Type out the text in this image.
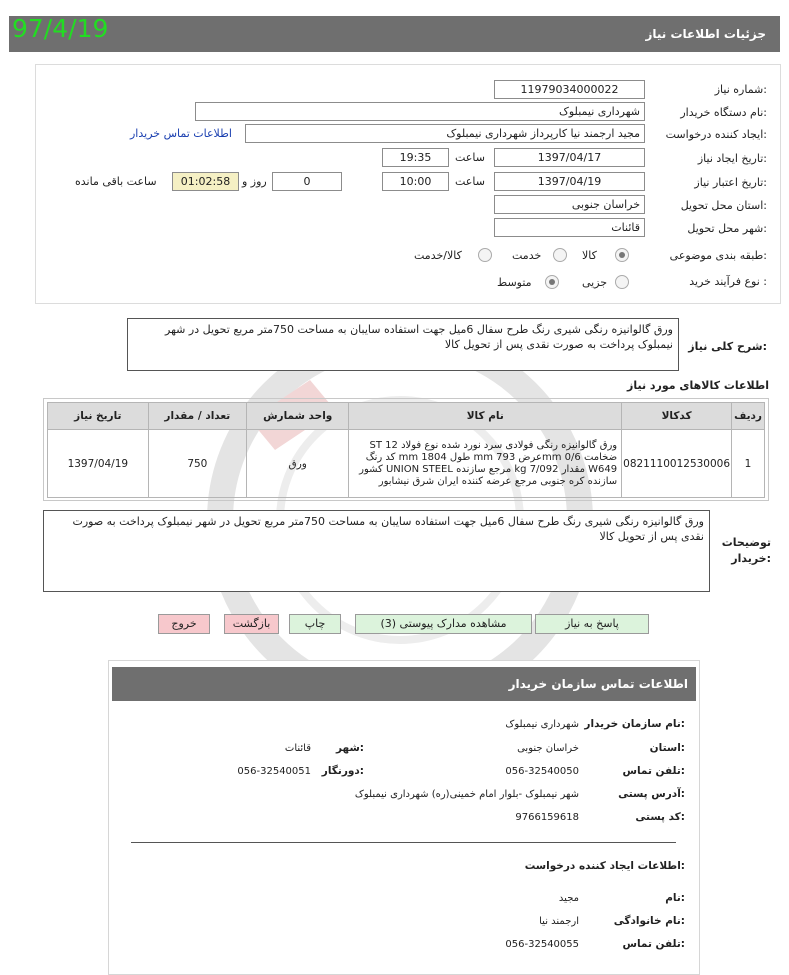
جزئیات اطلاعات نیاز
97/4/19
شماره نیاز:
11979034000022
نام دستگاه خریدار:
شهرداری نیمبلوک
ایجاد کننده درخواست:
مجید ارجمند نیا کارپرداز شهرداری نیمبلوک
اطلاعات تماس خریدار
تاریخ ایجاد نیاز:
1397/04/17
ساعت
19:35
تاریخ اعتبار نیاز:
1397/04/19
ساعت
10:00
0
روز و
01:02:58
ساعت باقی مانده
استان محل تحویل:
خراسان جنوبی
شهر محل تحویل:
قائنات
طبقه بندی موضوعی:
کالا
خدمت
کالا/خدمت
نوع فرآیند خرید :
جزیی
متوسط
شرح کلی نیاز:
ورق گالوانیزه رنگی شیری رنگ طرح سفال 6میل جهت استفاده سایبان به مساحت 750متر مربع تحویل در شهر نیمبلوک پرداخت به صورت نقدی پس از تحویل کالا
اطلاعات کالاهای مورد نیاز
ردیف	کدکالا	نام کالا	واحد شمارش	تعداد / مقدار	تاریخ نیاز
1	0821110012530006	ورق گالوانیزه رنگی فولادی سرد نورد شده نوع فولاد ST 12 ضخامت mm 0/6عرض mm 793 طول mm 1804 کد رنگ W649 مقدار kg 7/092 مرجع سازنده UNION STEEL کشور سازنده کره جنوبی مرجع عرضه کننده ایران شرق نیشابور	ورق	750	1397/04/19
توضیحات خریدار:
ورق گالوانیزه رنگی شیری رنگ طرح سفال 6میل جهت استفاده سایبان به مساحت 750متر مربع تحویل در شهر نیمبلوک پرداخت به صورت نقدی پس از تحویل کالا
پاسخ به نیاز
مشاهده مدارک پیوستی (3)
چاپ
بازگشت
خروج
اطلاعات تماس سازمان خریدار
نام سازمان خریدار:
شهرداری نیمبلوک
استان:
خراسان جنوبی
شهر:
قائنات
تلفن تماس:
056-32540050
دورنگار:
056-32540051
آدرس پستی:
شهر نیمبلوک -بلوار امام خمینی(ره) شهرداری نیمبلوک
کد پستی:
9766159618
اطلاعات ایجاد کننده درخواست:
نام:
مجید
نام خانوادگی:
ارجمند نیا
تلفن تماس:
056-32540055
